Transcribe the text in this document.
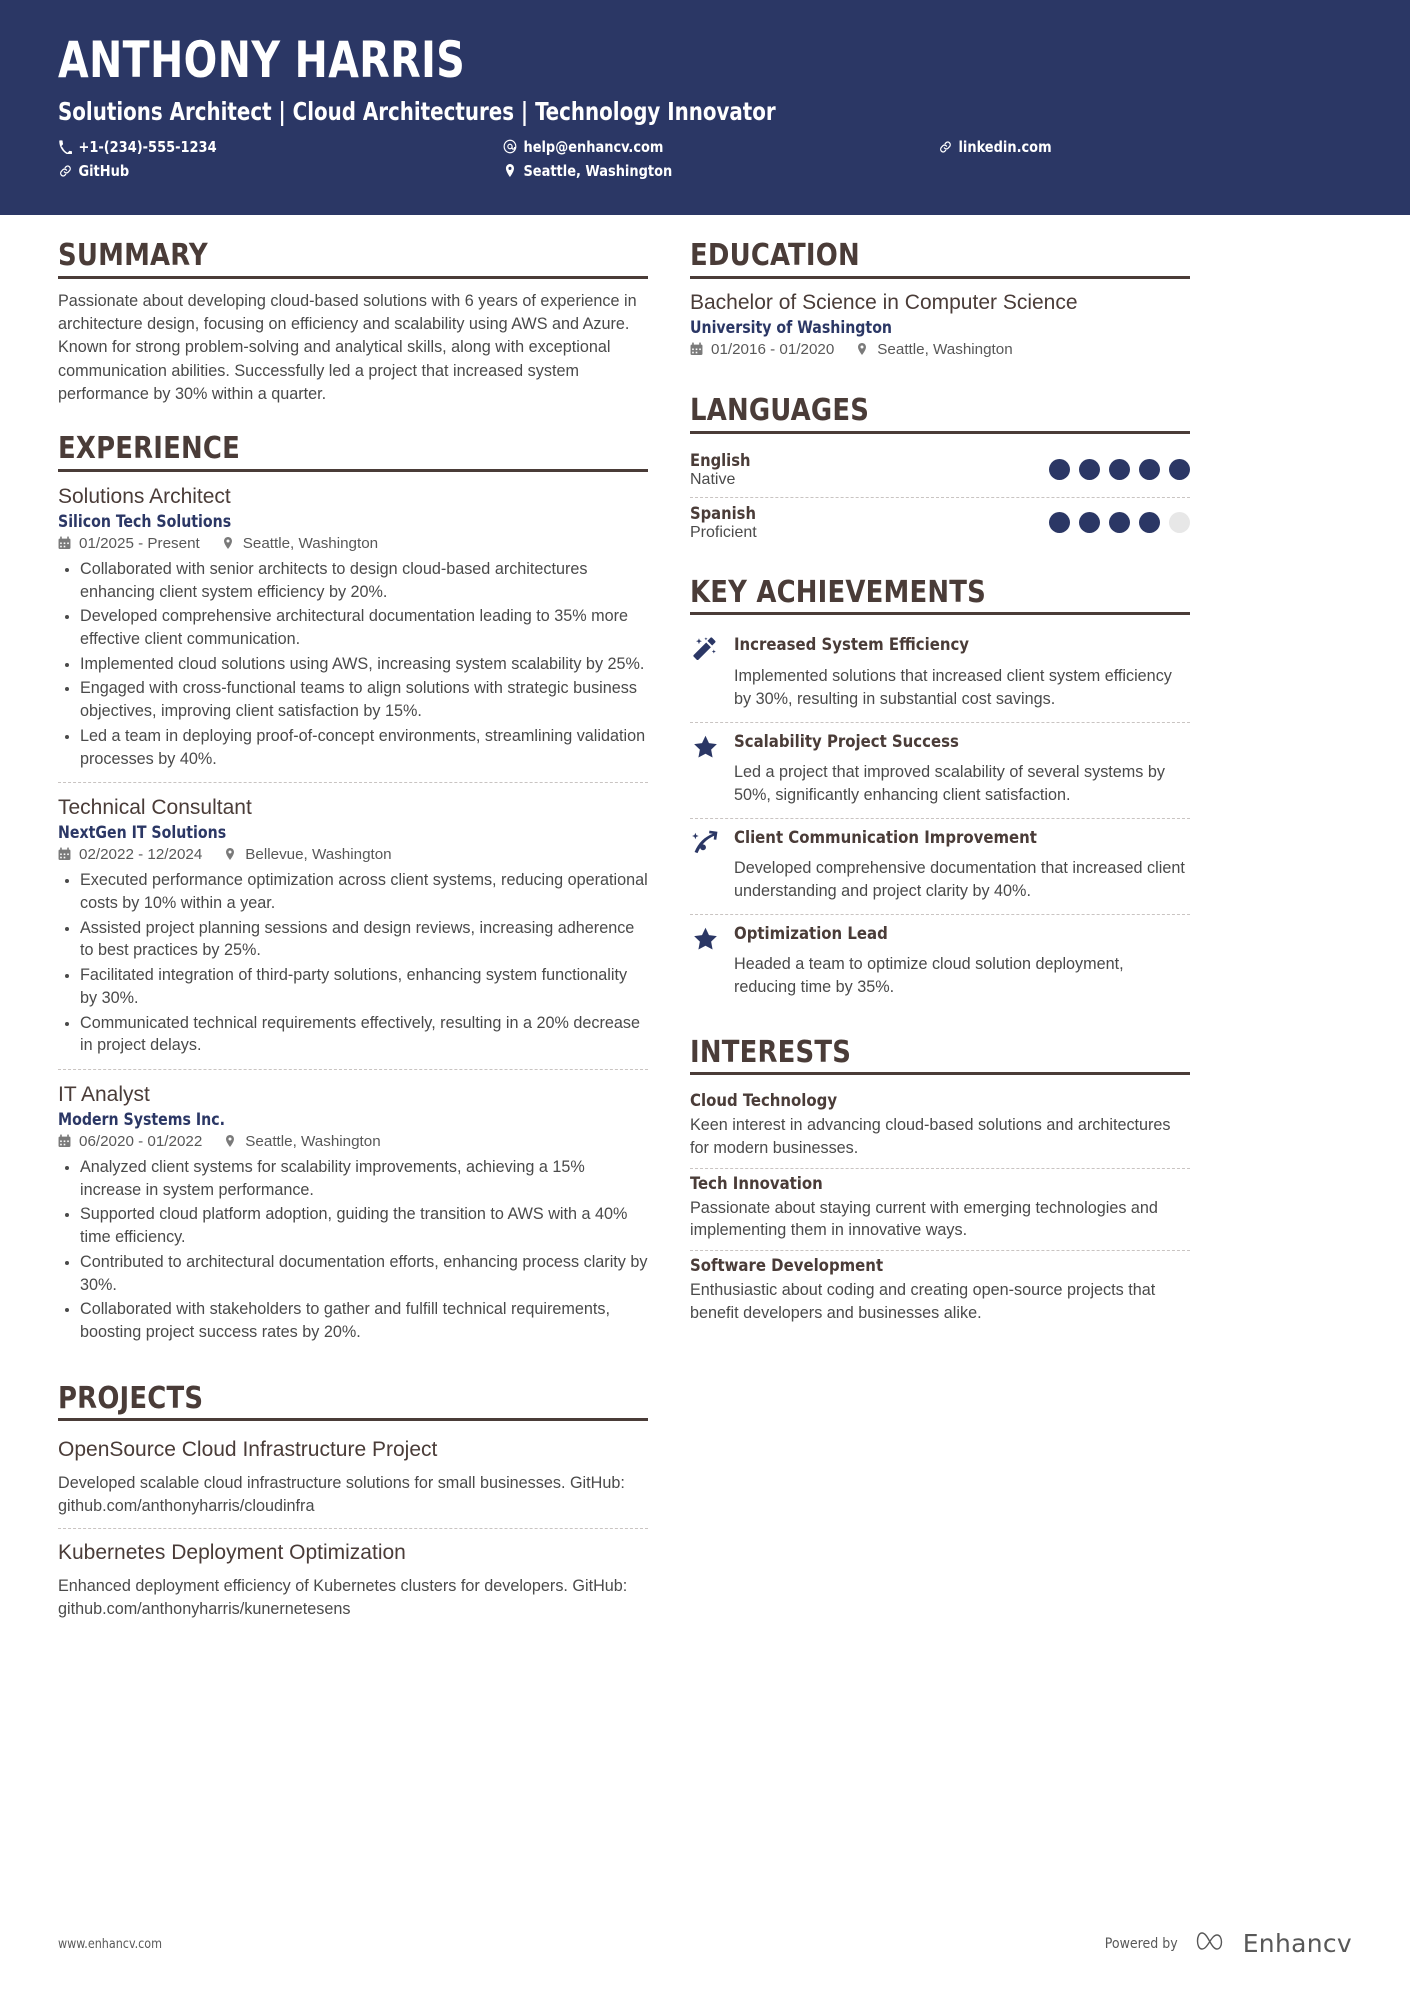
ANTHONY HARRIS
Solutions Architect | Cloud Architectures | Technology Innovator
+1-(234)-555-1234	help@enhancv.com	linkedin.com
GitHub	Seattle, Washington
SUMMARY
Passionate about developing cloud-based solutions with 6 years of experience in architecture design, focusing on efficiency and scalability using AWS and Azure. Known for strong problem-solving and analytical skills, along with exceptional communication abilities. Successfully led a project that increased system performance by 30% within a quarter.
EXPERIENCE
Solutions Architect
Silicon Tech Solutions
01/2025 - Present	Seattle, Washington
• Collaborated with senior architects to design cloud-based architectures enhancing client system efficiency by 20%.
• Developed comprehensive architectural documentation leading to 35% more effective client communication.
• Implemented cloud solutions using AWS, increasing system scalability by 25%.
• Engaged with cross-functional teams to align solutions with strategic business objectives, improving client satisfaction by 15%.
• Led a team in deploying proof-of-concept environments, streamlining validation processes by 40%.
Technical Consultant
NextGen IT Solutions
02/2022 - 12/2024	Bellevue, Washington
• Executed performance optimization across client systems, reducing operational costs by 10% within a year.
• Assisted project planning sessions and design reviews, increasing adherence to best practices by 25%.
• Facilitated integration of third-party solutions, enhancing system functionality by 30%.
• Communicated technical requirements effectively, resulting in a 20% decrease in project delays.
IT Analyst
Modern Systems Inc.
06/2020 - 01/2022	Seattle, Washington
• Analyzed client systems for scalability improvements, achieving a 15% increase in system performance.
• Supported cloud platform adoption, guiding the transition to AWS with a 40% time efficiency.
• Contributed to architectural documentation efforts, enhancing process clarity by 30%.
• Collaborated with stakeholders to gather and fulfill technical requirements, boosting project success rates by 20%.
PROJECTS
OpenSource Cloud Infrastructure Project
Developed scalable cloud infrastructure solutions for small businesses. GitHub: github.com/anthonyharris/cloudinfra
Kubernetes Deployment Optimization
Enhanced deployment efficiency of Kubernetes clusters for developers. GitHub: github.com/anthonyharris/kunernetesens
EDUCATION
Bachelor of Science in Computer Science
University of Washington
01/2016 - 01/2020	Seattle, Washington
LANGUAGES
English
Native
Spanish
Proficient
KEY ACHIEVEMENTS
Increased System Efficiency
Implemented solutions that increased client system efficiency by 30%, resulting in substantial cost savings.
Scalability Project Success
Led a project that improved scalability of several systems by 50%, significantly enhancing client satisfaction.
Client Communication Improvement
Developed comprehensive documentation that increased client understanding and project clarity by 40%.
Optimization Lead
Headed a team to optimize cloud solution deployment, reducing time by 35%.
INTERESTS
Cloud Technology
Keen interest in advancing cloud-based solutions and architectures for modern businesses.
Tech Innovation
Passionate about staying current with emerging technologies and implementing them in innovative ways.
Software Development
Enthusiastic about coding and creating open-source projects that benefit developers and businesses alike.
www.enhancv.com	Powered by	Enhancv
